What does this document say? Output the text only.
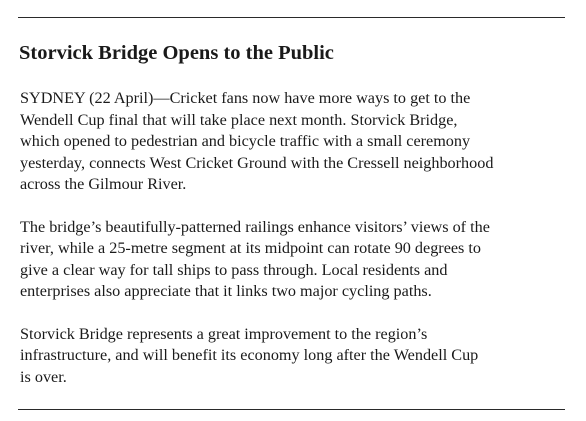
Storvick Bridge Opens to the Public

SYDNEY (22 April)—Cricket fans now have more ways to get to the
Wendell Cup final that will take place next month. Storvick Bridge,
which opened to pedestrian and bicycle traffic with a small ceremony
yesterday, connects West Cricket Ground with the Cressell neighborhood
across the Gilmour River.

The bridge’s beautifully-patterned railings enhance visitors’ views of the
river, while a 25-metre segment at its midpoint can rotate 90 degrees to
give a clear way for tall ships to pass through. Local residents and
enterprises also appreciate that it links two major cycling paths.

Storvick Bridge represents a great improvement to the region’s
infrastructure, and will benefit its economy long after the Wendell Cup
is over.
